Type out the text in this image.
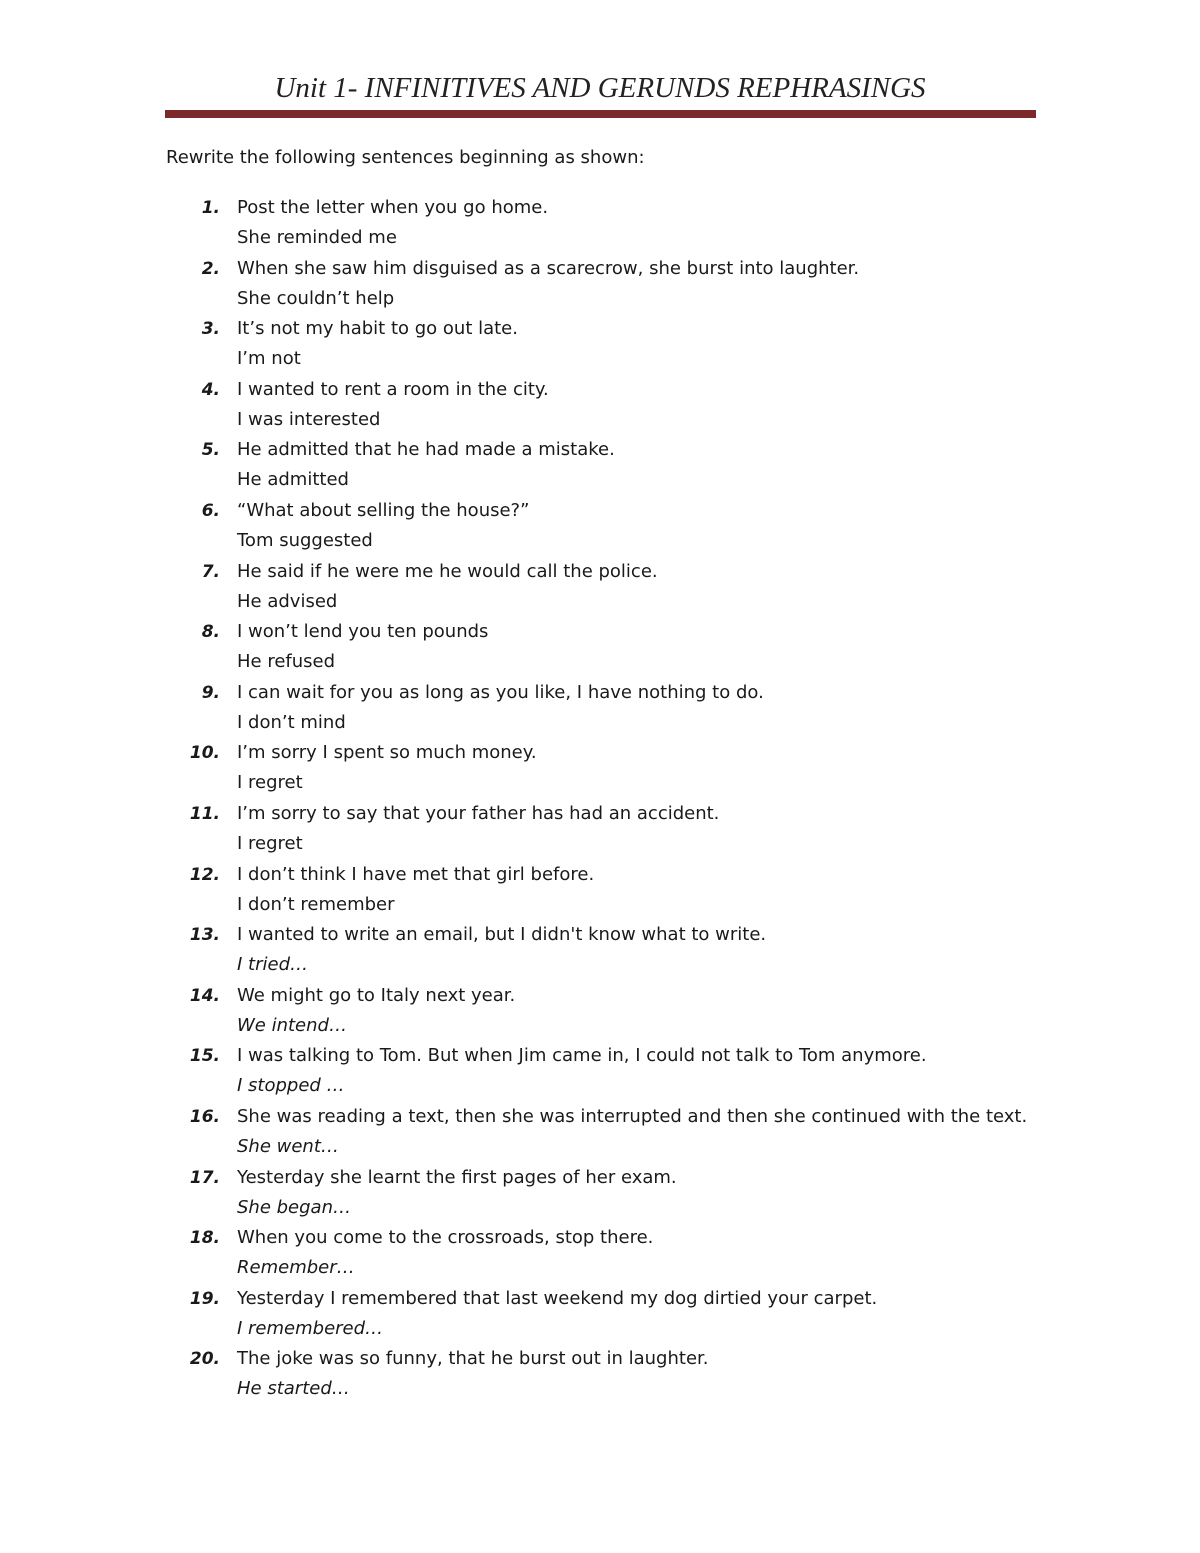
Unit 1- INFINITIVES AND GERUNDS REPHRASINGS
Rewrite the following sentences beginning as shown:
1. Post the letter when you go home.
She reminded me
2. When she saw him disguised as a scarecrow, she burst into laughter.
She couldn’t help
3. It’s not my habit to go out late.
I’m not
4. I wanted to rent a room in the city.
I was interested
5. He admitted that he had made a mistake.
He admitted
6. “What about selling the house?”
Tom suggested
7. He said if he were me he would call the police.
He advised
8. I won’t lend you ten pounds
He refused
9. I can wait for you as long as you like, I have nothing to do.
I don’t mind
10. I’m sorry I spent so much money.
I regret
11. I’m sorry to say that your father has had an accident.
I regret
12. I don’t think I have met that girl before.
I don’t remember
13. I wanted to write an email, but I didn't know what to write.
I tried…
14. We might go to Italy next year.
We intend…
15. I was talking to Tom. But when Jim came in, I could not talk to Tom anymore.
I stopped …
16. She was reading a text, then she was interrupted and then she continued with the text.
She went…
17. Yesterday she learnt the first pages of her exam.
She began…
18. When you come to the crossroads, stop there.
Remember…
19. Yesterday I remembered that last weekend my dog dirtied your carpet.
I remembered…
20. The joke was so funny, that he burst out in laughter.
He started…
